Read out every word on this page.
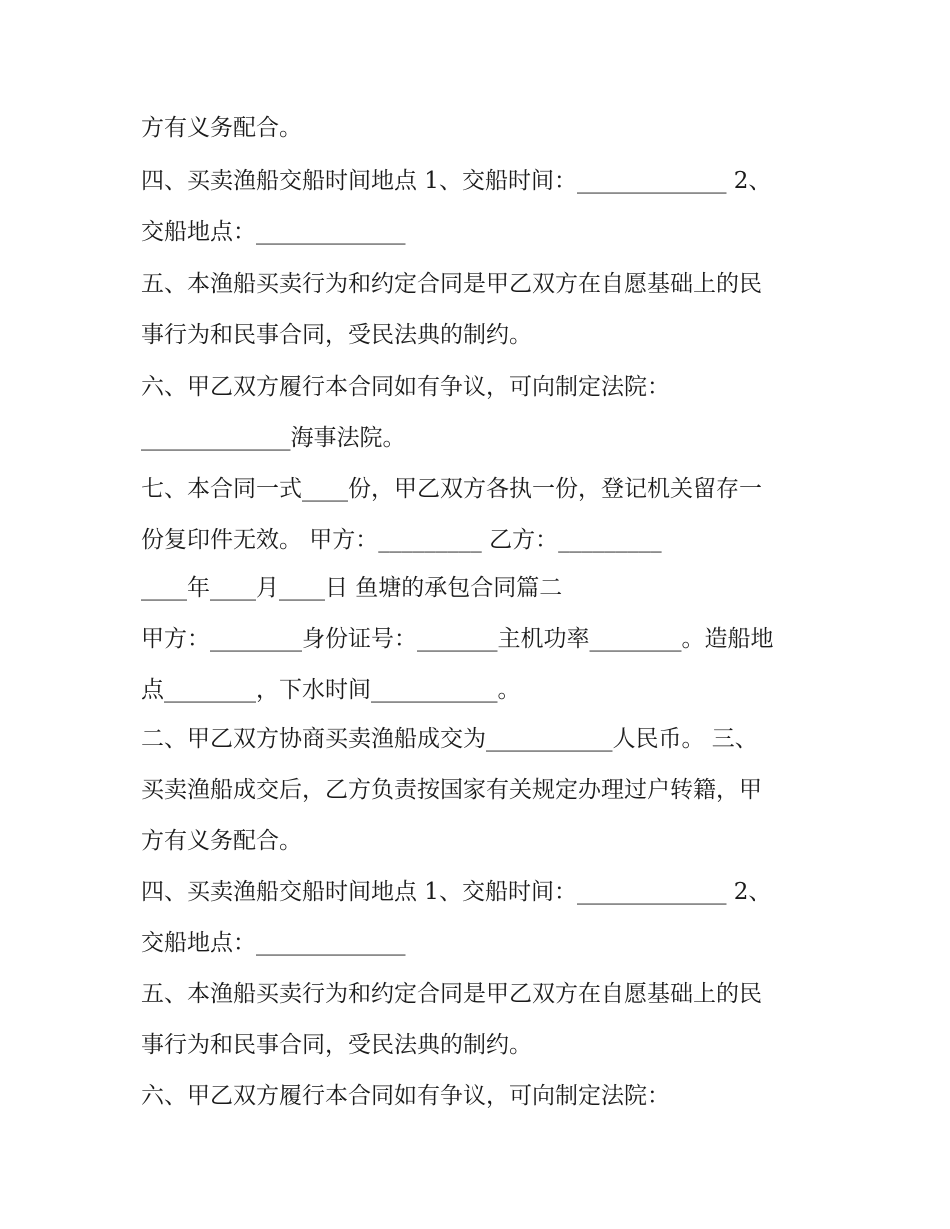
方有义务配合。
四、买卖渔船交船时间地点 1、交船时间：_____________ 2、
交船地点：_____________
五、本渔船买卖行为和约定合同是甲乙双方在自愿基础上的民
事行为和民事合同，受民法典的制约。
六、甲乙双方履行本合同如有争议，可向制定法院：
_____________海事法院。
七、本合同一式____份，甲乙双方各执一份，登记机关留存一
份复印件无效。 甲方：_________ 乙方：_________
____年____月____日 鱼塘的承包合同篇二
甲方：________身份证号：_______主机功率________。造船地
点________，下水时间___________。
二、甲乙双方协商买卖渔船成交为___________人民币。 三、
买卖渔船成交后，乙方负责按国家有关规定办理过户转籍，甲
方有义务配合。
四、买卖渔船交船时间地点 1、交船时间：_____________ 2、
交船地点：_____________
五、本渔船买卖行为和约定合同是甲乙双方在自愿基础上的民
事行为和民事合同，受民法典的制约。
六、甲乙双方履行本合同如有争议，可向制定法院：
